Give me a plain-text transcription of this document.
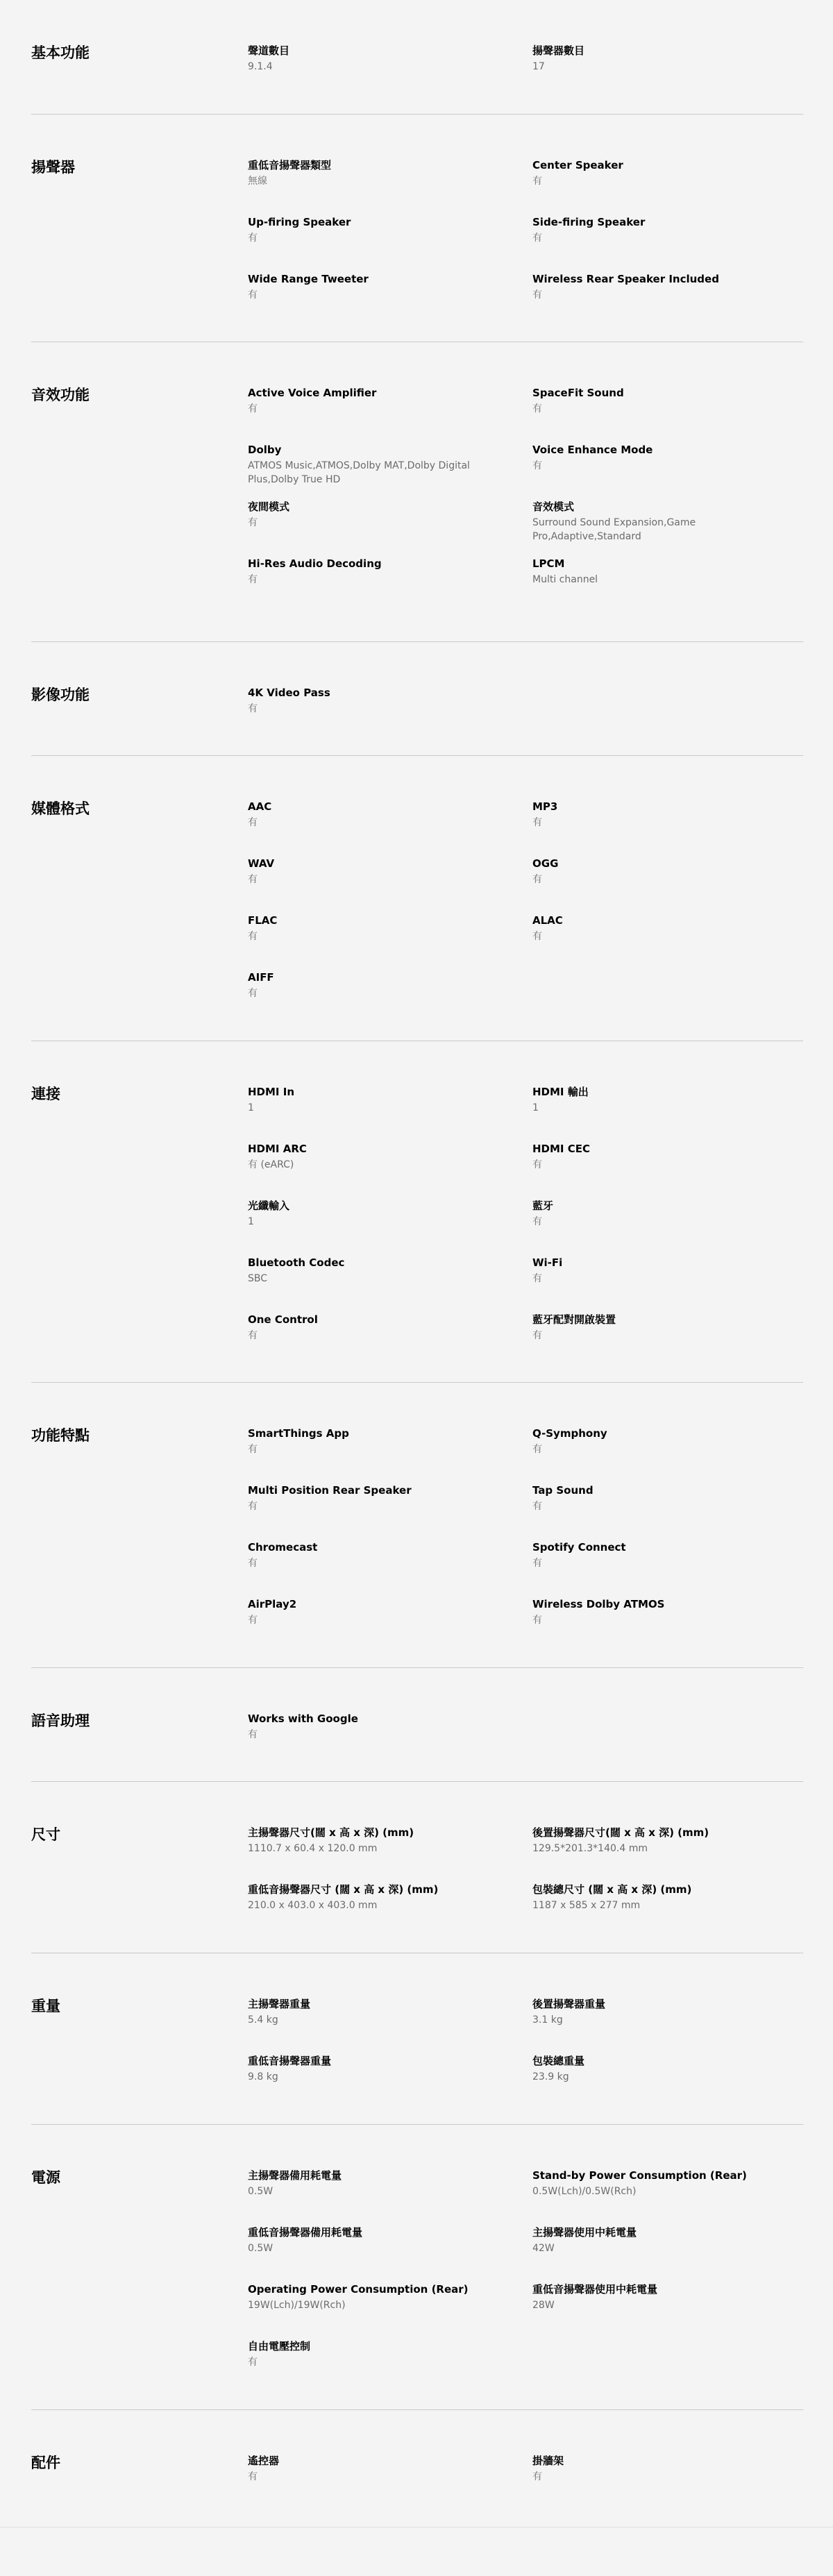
基本功能	聲道數目
9.1.4
揚聲器數目
17
揚聲器	重低音揚聲器類型
無線
Center Speaker
有
Up-firing Speaker
有
Side-firing Speaker
有
Wide Range Tweeter
有
Wireless Rear Speaker Included
有
音效功能	Active Voice Amplifier
有
SpaceFit Sound
有
Dolby
ATMOS Music,ATMOS,Dolby MAT,Dolby Digital Plus,Dolby True HD
Voice Enhance Mode
有
夜間模式
有
音效模式
Surround Sound Expansion,Game Pro,Adaptive,Standard
Hi-Res Audio Decoding
有
LPCM
Multi channel
影像功能	4K Video Pass
有
媒體格式	AAC
有
MP3
有
WAV
有
OGG
有
FLAC
有
ALAC
有
AIFF
有
連接	HDMI In
1
HDMI 輸出
1
HDMI ARC
有 (eARC)
HDMI CEC
有
光纖輸入
1
藍牙
有
Bluetooth Codec
SBC
Wi-Fi
有
One Control
有
藍牙配對開啟裝置
有
功能特點	SmartThings App
有
Q-Symphony
有
Multi Position Rear Speaker
有
Tap Sound
有
Chromecast
有
Spotify Connect
有
AirPlay2
有
Wireless Dolby ATMOS
有
語音助理	Works with Google
有
尺寸	主揚聲器尺寸(闊 x 高 x 深) (mm)
1110.7 x 60.4 x 120.0 mm
後置揚聲器尺寸(闊 x 高 x 深) (mm)
129.5*201.3*140.4 mm
重低音揚聲器尺寸 (闊 x 高 x 深) (mm)
210.0 x 403.0 x 403.0 mm
包裝總尺寸 (闊 x 高 x 深) (mm)
1187 x 585 x 277 mm
重量	主揚聲器重量
5.4 kg
後置揚聲器重量
3.1 kg
重低音揚聲器重量
9.8 kg
包裝總重量
23.9 kg
電源	主揚聲器備用耗電量
0.5W
Stand-by Power Consumption (Rear)
0.5W(Lch)/0.5W(Rch)
重低音揚聲器備用耗電量
0.5W
主揚聲器使用中耗電量
42W
Operating Power Consumption (Rear)
19W(Lch)/19W(Rch)
重低音揚聲器使用中耗電量
28W
自由電壓控制
有
配件	遙控器
有
掛牆架
有
